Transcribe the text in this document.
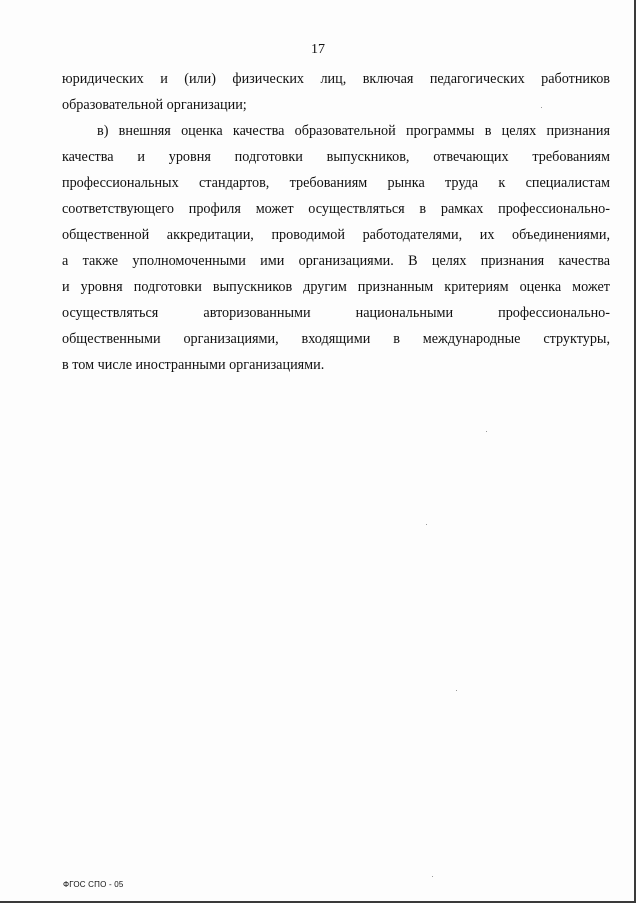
17
юридических и (или) физических лиц, включая педагогических работников
образовательной организации;
в) внешняя оценка качества образовательной программы в целях признания
качества и уровня подготовки выпускников, отвечающих требованиям
профессиональных стандартов, требованиям рынка труда к специалистам
соответствующего профиля может осуществляться в рамках профессионально-
общественной аккредитации, проводимой работодателями, их объединениями,
а также уполномоченными ими организациями. В целях признания качества
и уровня подготовки выпускников другим признанным критериям оценка может
осуществляться авторизованными национальными профессионально-
общественными организациями, входящими в международные структуры,
в том числе иностранными организациями.
ФГОС СПО - 05
